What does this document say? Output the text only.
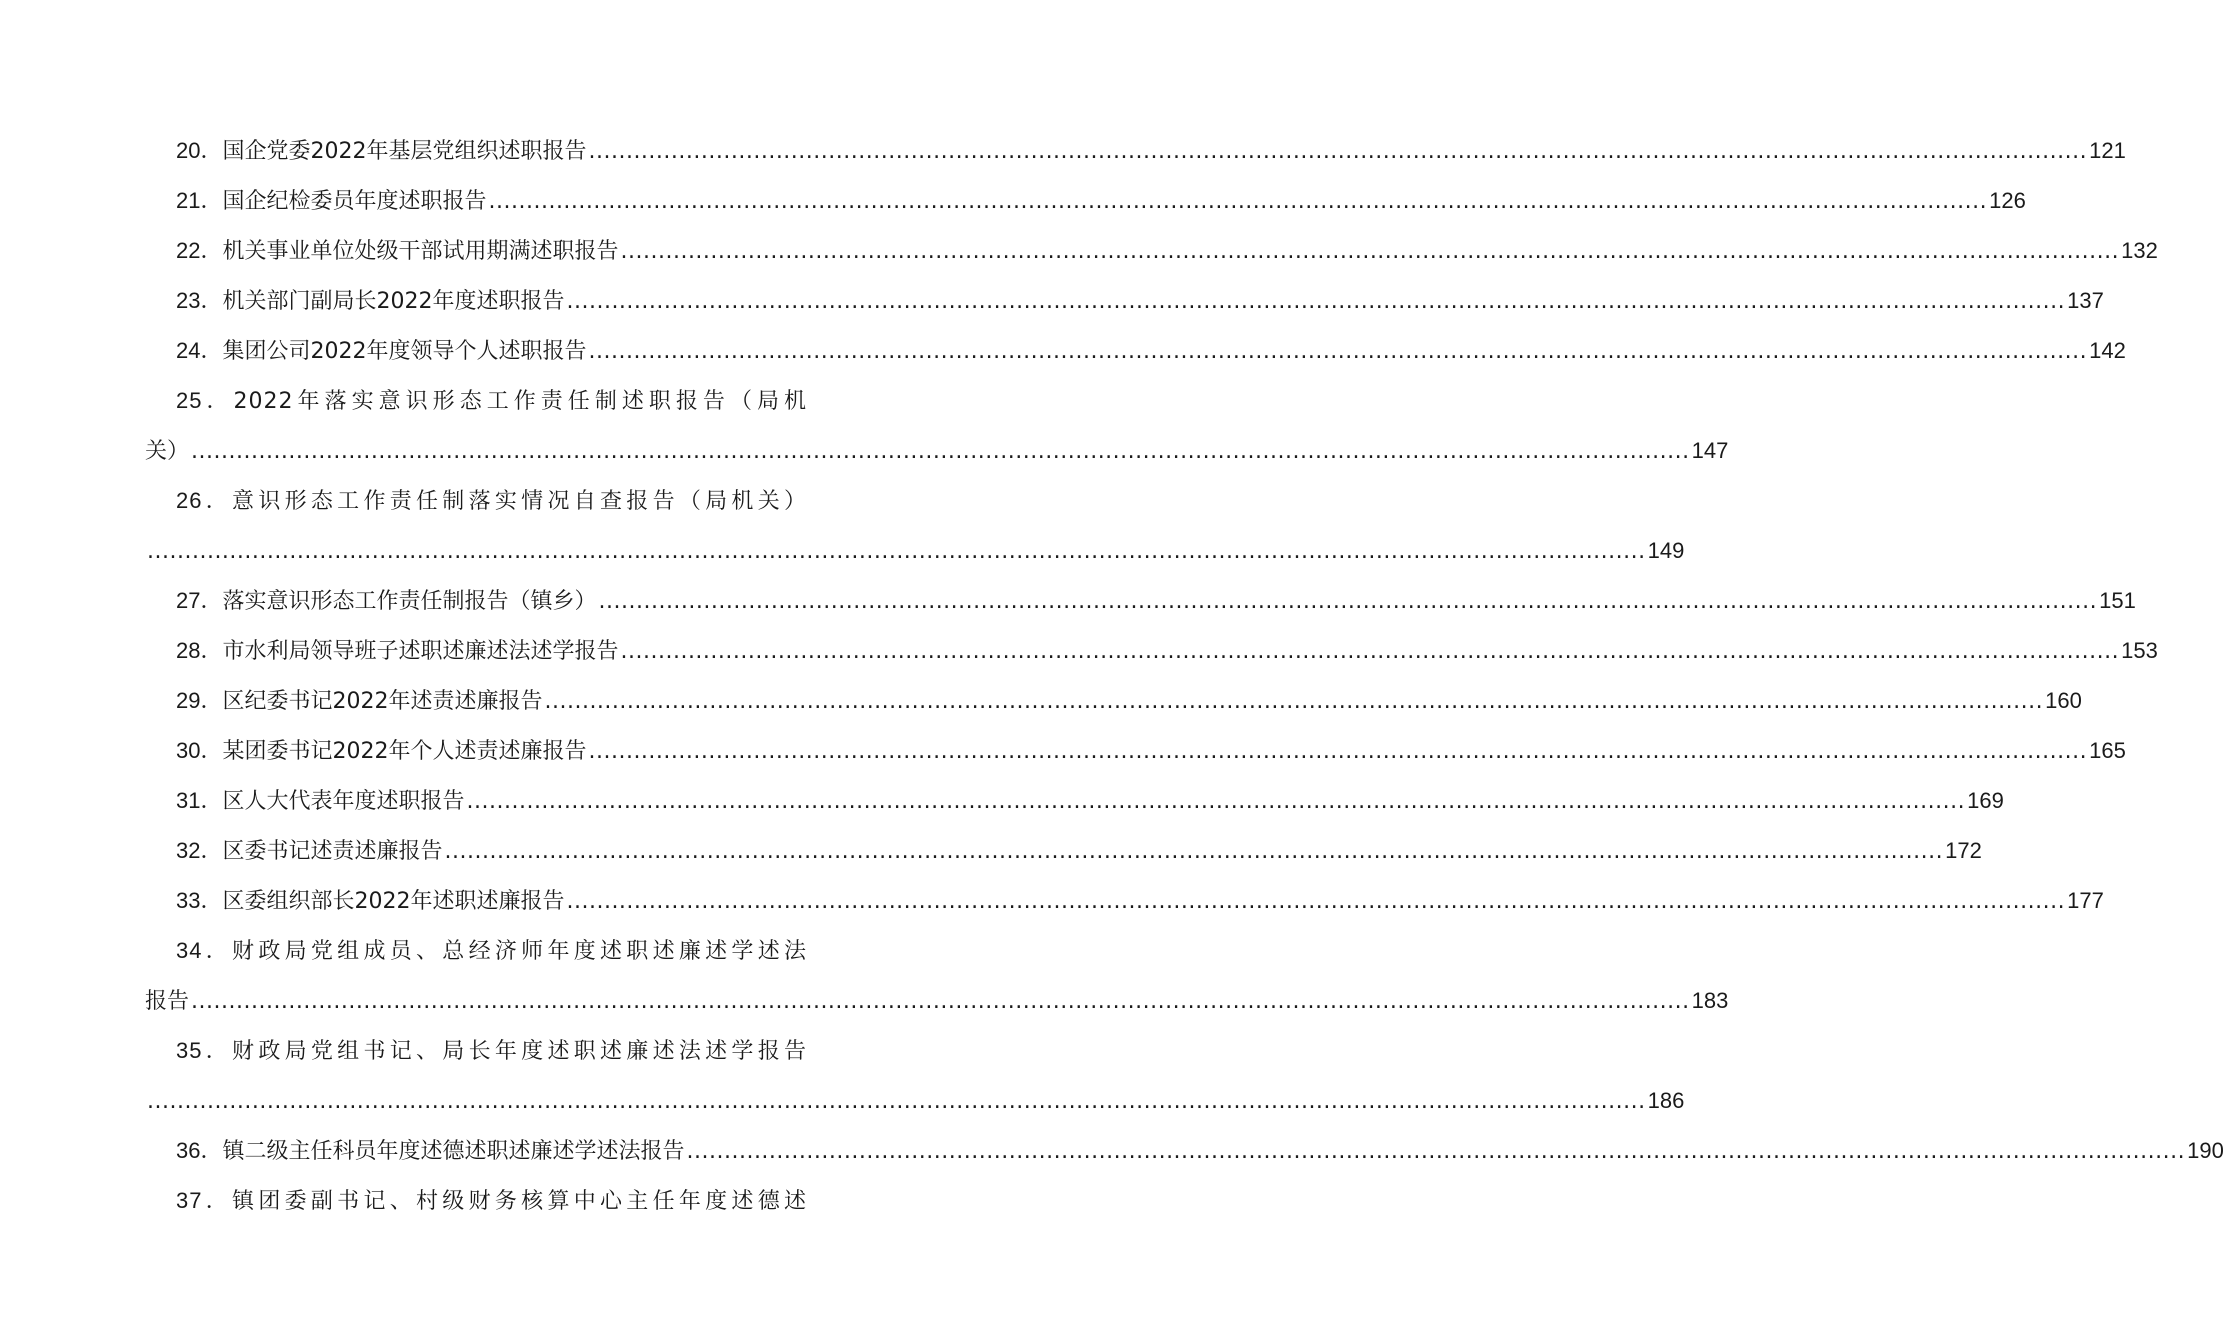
20．国企党委2022年基层党组织述职报告 ........................................................................................................................................................................................................ 121
21．国企纪检委员年度述职报告 ........................................................................................................................................................................................................ 126
22．机关事业单位处级干部试用期满述职报告 ........................................................................................................................................................................................................ 132
23．机关部门副局长2022年度述职报告 ........................................................................................................................................................................................................ 137
24．集团公司2022年度领导个人述职报告 ........................................................................................................................................................................................................ 142
25．2022年落实意识形态工作责任制述职报告（局机
关） ........................................................................................................................................................................................................ 147
26．意识形态工作责任制落实情况自查报告（局机关）
........................................................................................................................................................................................................ 149
27．落实意识形态工作责任制报告（镇乡） ........................................................................................................................................................................................................ 151
28．市水利局领导班子述职述廉述法述学报告 ........................................................................................................................................................................................................ 153
29．区纪委书记2022年述责述廉报告 ........................................................................................................................................................................................................ 160
30．某团委书记2022年个人述责述廉报告 ........................................................................................................................................................................................................ 165
31．区人大代表年度述职报告 ........................................................................................................................................................................................................ 169
32．区委书记述责述廉报告 ........................................................................................................................................................................................................ 172
33．区委组织部长2022年述职述廉报告 ........................................................................................................................................................................................................ 177
34．财政局党组成员、总经济师年度述职述廉述学述法
报告 ........................................................................................................................................................................................................ 183
35．财政局党组书记、局长年度述职述廉述法述学报告
........................................................................................................................................................................................................ 186
36．镇二级主任科员年度述德述职述廉述学述法报告 ........................................................................................................................................................................................................ 190
37．镇团委副书记、村级财务核算中心主任年度述德述
